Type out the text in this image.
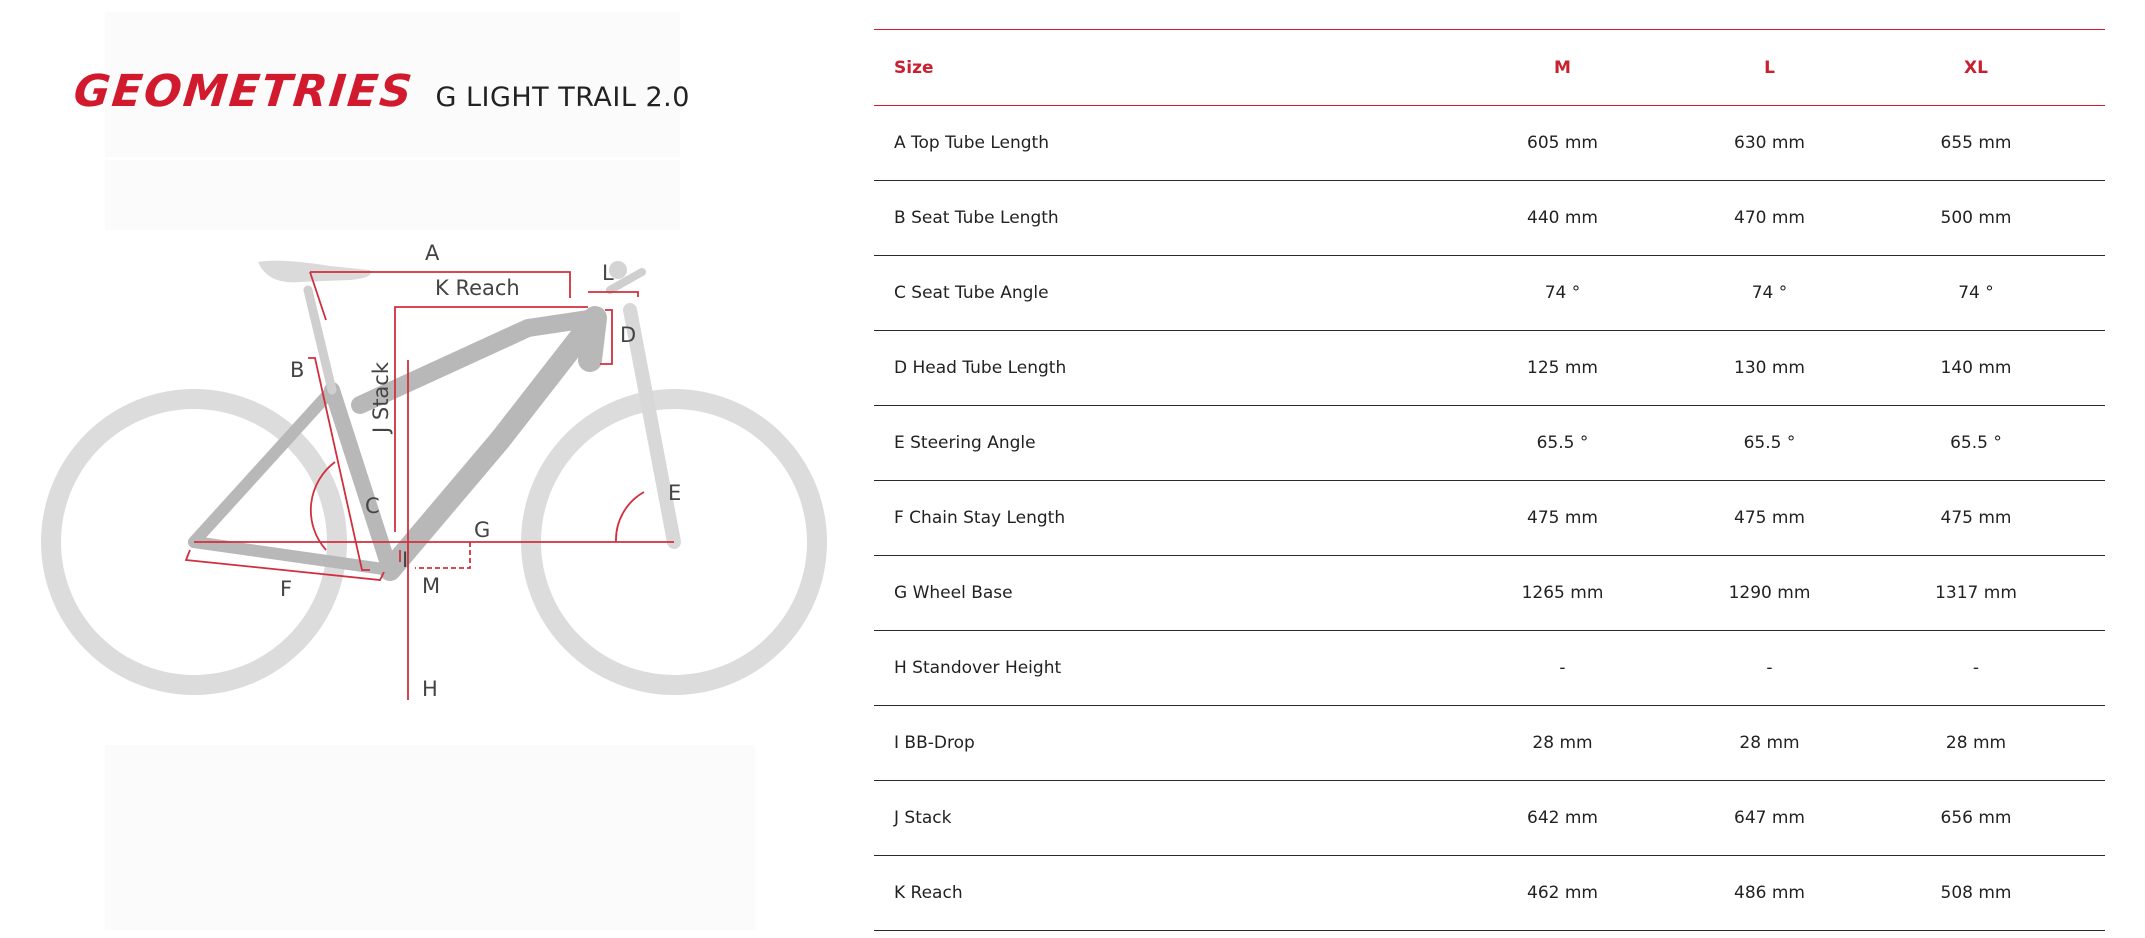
GEOMETRIES G LIGHT TRAIL 2.0
A
K Reach
L
D
B	J Stack
C
G
E
F
I
M
H
Size	M	L	XL
A Top Tube Length	605 mm	630 mm	655 mm
B Seat Tube Length	440 mm	470 mm	500 mm
C Seat Tube Angle	74 °	74 °	74 °
D Head Tube Length	125 mm	130 mm	140 mm
E Steering Angle	65.5 °	65.5 °	65.5 °
F Chain Stay Length	475 mm	475 mm	475 mm
G Wheel Base	1265 mm	1290 mm	1317 mm
H Standover Height	-	-	-
I BB-Drop	28 mm	28 mm	28 mm
J Stack	642 mm	647 mm	656 mm
K Reach	462 mm	486 mm	508 mm
